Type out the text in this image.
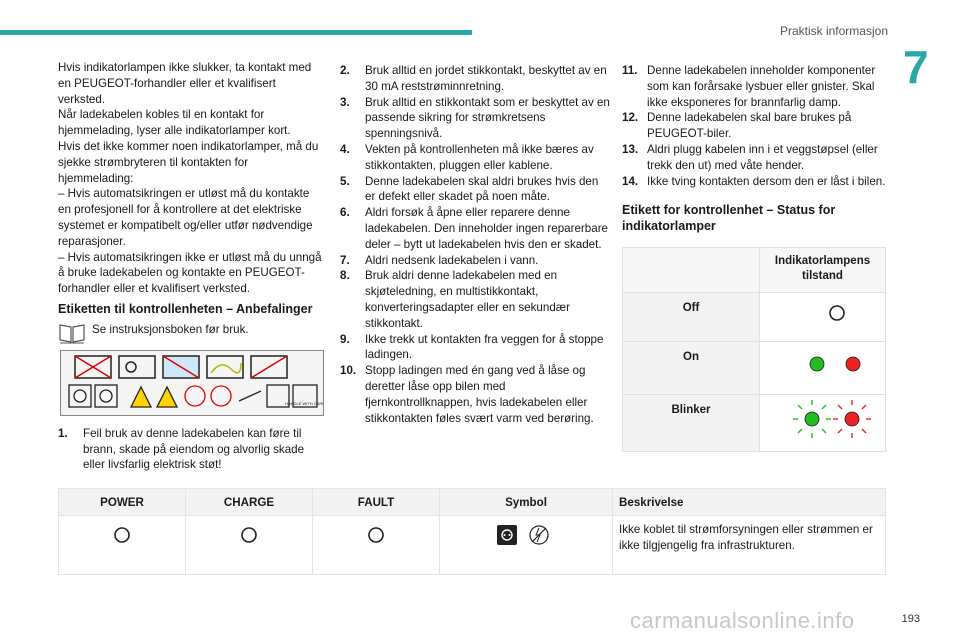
Praktisk informasjon
7

Hvis indikatorlampen ikke slukker, ta kontakt med en PEUGEOT-forhandler eller et kvalifisert verksted.

Når ladekabelen kobles til en kontakt for hjemmelading, lyser alle indikatorlamper kort.

Hvis det ikke kommer noen indikatorlamper, må du sjekke strømbryteren til kontakten for hjemmelading:

– Hvis automatsikringen er utløst må du kontakte en profesjonell for å kontrollere at det elektriske systemet er kompatibelt og/eller utfør nødvendige reparasjoner.

– Hvis automatsikringen ikke er utløst må du unngå å bruke ladekabelen og kontakte en PEUGEOT-forhandler eller et kvalifisert verksted.

Etiketten til kontrollenheten – Anbefalinger
Se instruksjonsboken før bruk.
HANDLE WITH CARE
1.	Feil bruk av denne ladekabelen kan føre til brann, skade på eiendom og alvorlig skade eller livsfarlig elektrisk støt!
2.	Bruk alltid en jordet stikkontakt, beskyttet av en 30 mA reststrøminnretning.
3.	Bruk alltid en stikkontakt som er beskyttet av en passende sikring for strømkretsens spenningsnivå.
4.	Vekten på kontrollenheten må ikke bæres av stikkontakten, pluggen eller kablene.
5.	Denne ladekabelen skal aldri brukes hvis den er defekt eller skadet på noen måte.
6.	Aldri forsøk å åpne eller reparere denne ladekabelen. Den inneholder ingen reparerbare deler – bytt ut ladekabelen hvis den er skadet.
7.	Aldri nedsenk ladekabelen i vann.
8.	Bruk aldri denne ladekabelen med en skjøteledning, en multistikkontakt, konverteringsadapter eller en sekundær stikkontakt.
9.	Ikke trekk ut kontakten fra veggen for å stoppe ladingen.
10. Stopp ladingen med én gang ved å låse og deretter låse opp bilen med fjernkontrollknappen, hvis ladekabelen eller stikkontakten føles svært varm ved berøring.
11. Denne ladekabelen inneholder komponenter som kan forårsake lysbuer eller gnister. Skal ikke eksponeres for brannfarlig damp.
12. Denne ladekabelen skal bare brukes på PEUGEOT-biler.
13. Aldri plugg kabelen inn i et veggstøpsel (eller trekk den ut) med våte hender.
14. Ikke tving kontakten dersom den er låst i bilen.
Etikett for kontrollenhet – Status for indikatorlamper
	Indikatorlampens tilstand
Off	
On	
Blinker	
POWER	CHARGE	FAULT	Symbol	Beskrivelse
				Ikke koblet til strømforsyningen eller strømmen er ikke tilgjengelig fra infrastrukturen.
carmanualsonline.info	193
